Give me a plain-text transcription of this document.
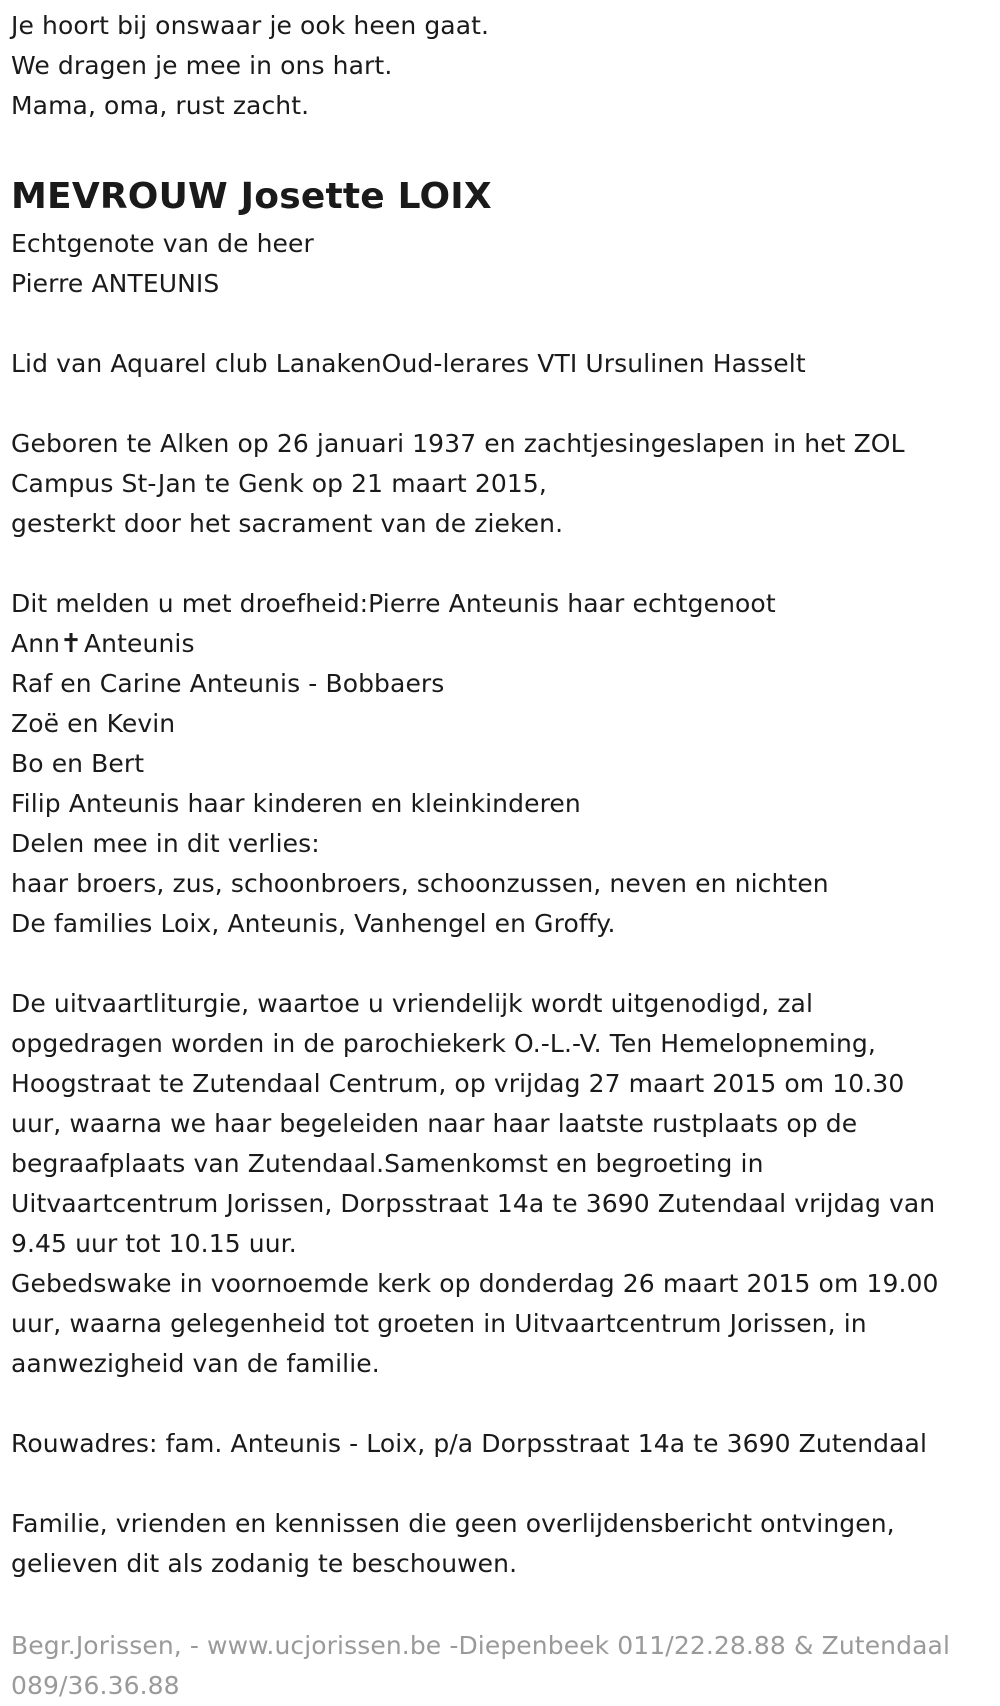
Je hoort bij onswaar je ook heen gaat.
We dragen je mee in ons hart.
Mama, oma, rust zacht.
MEVROUW Josette LOIX
Echtgenote van de heer
Pierre ANTEUNIS
Lid van Aquarel club LanakenOud-lerares VTI Ursulinen Hasselt
Geboren te Alken op 26 januari 1937 en zachtjesingeslapen in het ZOL
Campus St-Jan te Genk op 21 maart 2015,
gesterkt door het sacrament van de zieken.
Dit melden u met droefheid:Pierre Anteunis haar echtgenoot
Ann✝Anteunis
Raf en Carine Anteunis - Bobbaers
Zoë en Kevin
Bo en Bert
Filip Anteunis haar kinderen en kleinkinderen
Delen mee in dit verlies:
haar broers, zus, schoonbroers, schoonzussen, neven en nichten
De families Loix, Anteunis, Vanhengel en Groffy.
De uitvaartliturgie, waartoe u vriendelijk wordt uitgenodigd, zal
opgedragen worden in de parochiekerk O.-L.-V. Ten Hemelopneming,
Hoogstraat te Zutendaal Centrum, op vrijdag 27 maart 2015 om 10.30
uur, waarna we haar begeleiden naar haar laatste rustplaats op de
begraafplaats van Zutendaal.Samenkomst en begroeting in
Uitvaartcentrum Jorissen, Dorpsstraat 14a te 3690 Zutendaal vrijdag van
9.45 uur tot 10.15 uur.
Gebedswake in voornoemde kerk op donderdag 26 maart 2015 om 19.00
uur, waarna gelegenheid tot groeten in Uitvaartcentrum Jorissen, in
aanwezigheid van de familie.
Rouwadres: fam. Anteunis - Loix, p/a Dorpsstraat 14a te 3690 Zutendaal
Familie, vrienden en kennissen die geen overlijdensbericht ontvingen,
gelieven dit als zodanig te beschouwen.
Begr.Jorissen, - www.ucjorissen.be -Diepenbeek 011/22.28.88 & Zutendaal
089/36.36.88
